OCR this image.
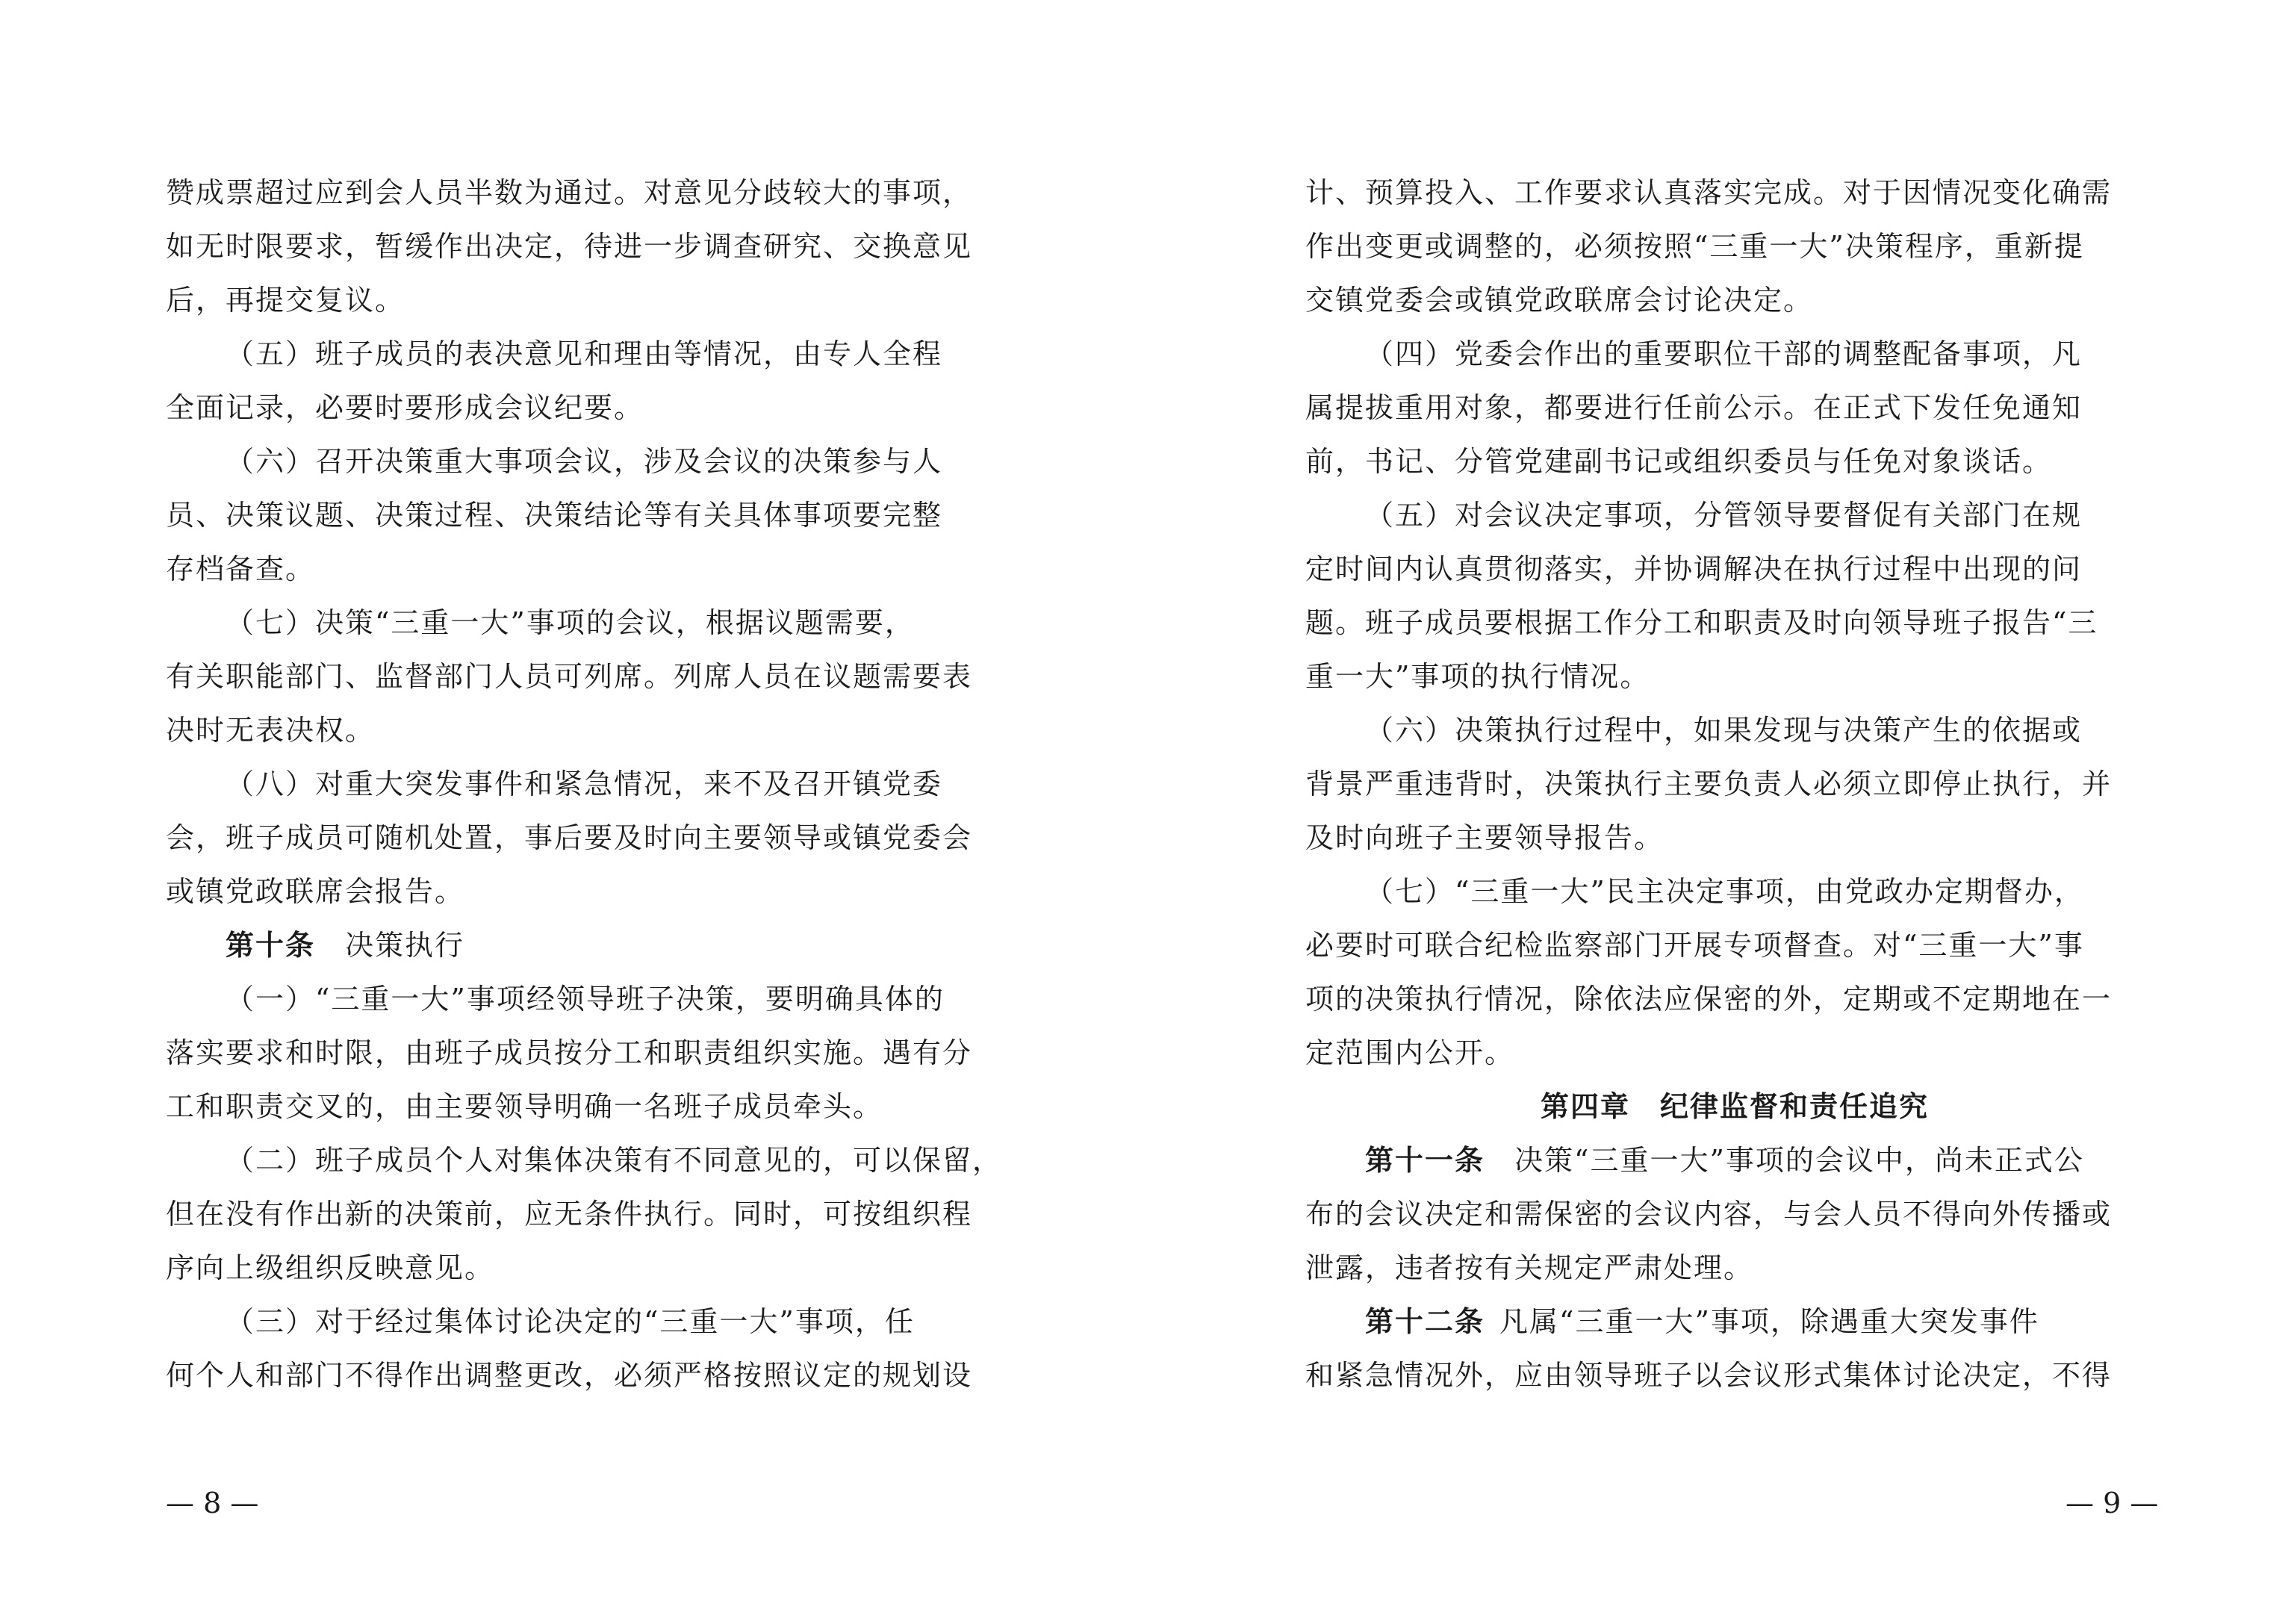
赞成票超过应到会人员半数为通过。对意见分歧较大的事项，
如无时限要求，暂缓作出决定，待进一步调查研究、交换意见
后，再提交复议。
（五）班子成员的表决意见和理由等情况，由专人全程
全面记录，必要时要形成会议纪要。
（六）召开决策重大事项会议，涉及会议的决策参与人
员、决策议题、决策过程、决策结论等有关具体事项要完整
存档备查。
（七）决策“三重一大”事项的会议，根据议题需要，
有关职能部门、监督部门人员可列席。列席人员在议题需要表
决时无表决权。
（八）对重大突发事件和紧急情况，来不及召开镇党委
会，班子成员可随机处置，事后要及时向主要领导或镇党委会
或镇党政联席会报告。
第十条 决策执行
（一）“三重一大”事项经领导班子决策，要明确具体的
落实要求和时限，由班子成员按分工和职责组织实施。遇有分
工和职责交叉的，由主要领导明确一名班子成员牵头。
（二）班子成员个人对集体决策有不同意见的，可以保留，
但在没有作出新的决策前，应无条件执行。同时，可按组织程
序向上级组织反映意见。
（三）对于经过集体讨论决定的“三重一大”事项，任
何个人和部门不得作出调整更改，必须严格按照议定的规划设
— 8 —
计、预算投入、工作要求认真落实完成。对于因情况变化确需
作出变更或调整的，必须按照“三重一大”决策程序，重新提
交镇党委会或镇党政联席会讨论决定。
（四）党委会作出的重要职位干部的调整配备事项，凡
属提拔重用对象，都要进行任前公示。在正式下发任免通知
前，书记、分管党建副书记或组织委员与任免对象谈话。
（五）对会议决定事项，分管领导要督促有关部门在规
定时间内认真贯彻落实，并协调解决在执行过程中出现的问
题。班子成员要根据工作分工和职责及时向领导班子报告“三
重一大”事项的执行情况。
（六）决策执行过程中，如果发现与决策产生的依据或
背景严重违背时，决策执行主要负责人必须立即停止执行，并
及时向班子主要领导报告。
（七）“三重一大”民主决定事项，由党政办定期督办，
必要时可联合纪检监察部门开展专项督查。对“三重一大”事
项的决策执行情况，除依法应保密的外，定期或不定期地在一
定范围内公开。
第四章　纪律监督和责任追究
第十一条 决策“三重一大”事项的会议中，尚未正式公
布的会议决定和需保密的会议内容，与会人员不得向外传播或
泄露，违者按有关规定严肃处理。
第十二条 凡属“三重一大”事项，除遇重大突发事件
和紧急情况外，应由领导班子以会议形式集体讨论决定，不得
— 9 —
